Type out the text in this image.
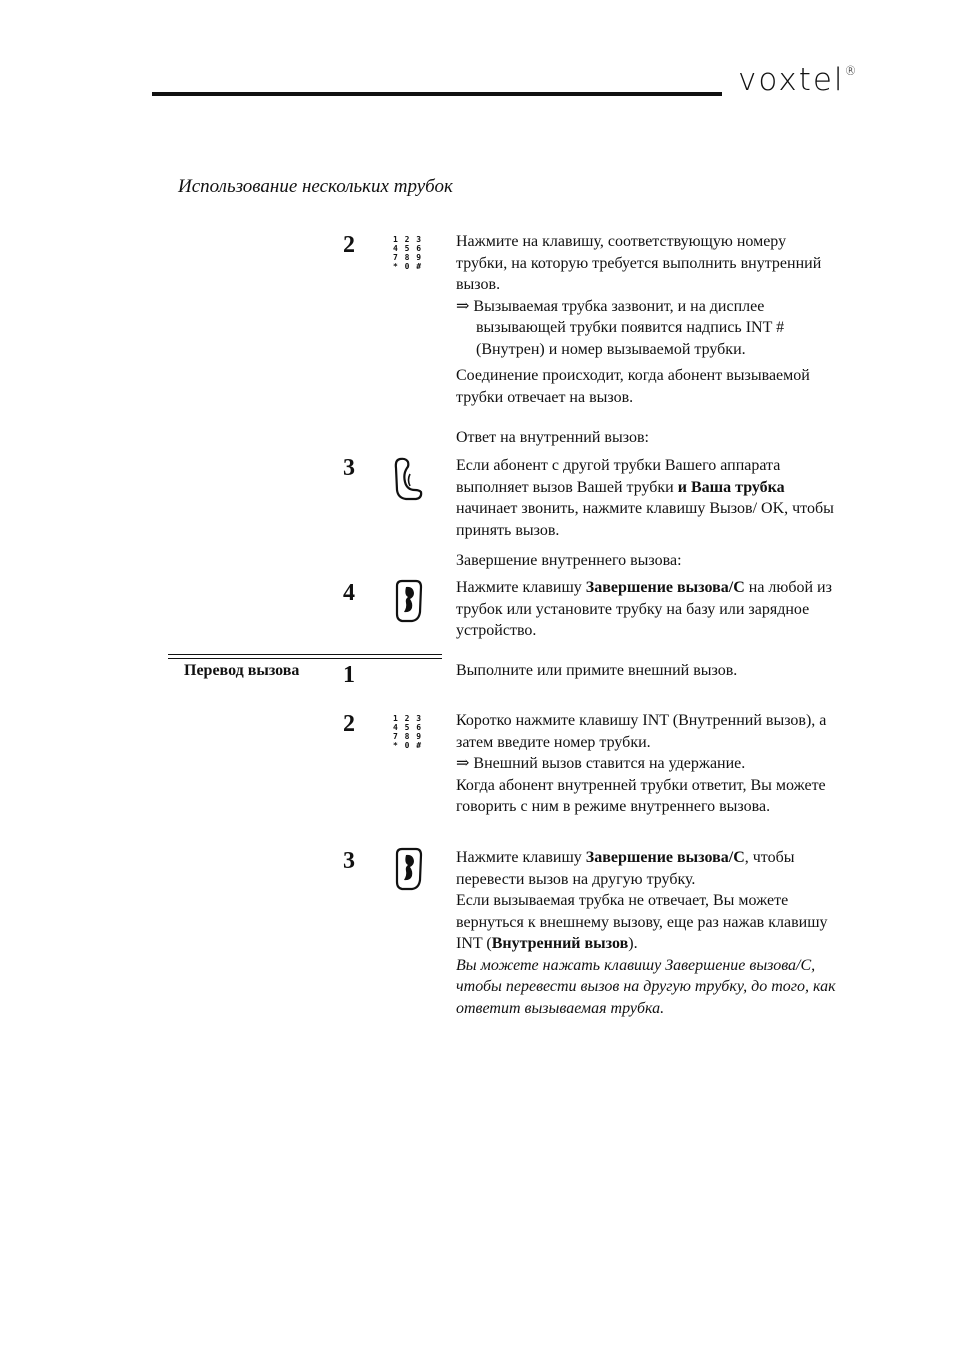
voxtel®
Использование нескольких трубок
2	1 2 3
4 5 6
7 8 9
* 0 #

Нажмите на клавишу, соответствующую номеру трубки, на которую требуется выполнить внутренний вызов.

⇒ Вызываемая трубка зазвонит, и на дисплее вызывающей трубки появится надпись INT # (Внутрен) и номер вызываемой трубки.

Соединение происходит, когда абонент вызываемой трубки отвечает на вызов.

Ответ на внутренний вызов:
3	Если абонент с другой трубки Вашего аппарата выполняет вызов Вашей трубки и Ваша трубка начинает звонить, нажмите клавишу Вызов/ OK, чтобы принять вызов.

Завершение внутреннего вызова:
4	Нажмите клавишу Завершение вызова/С на любой из трубок или установите трубку на базу или зарядное устройство.

Перевод вызова 1	Выполните или примите внешний вызов.
2	1 2 3
4 5 6
7 8 9
* 0 #

Коротко нажмите клавишу INT (Внутренний вызов), а затем введите номер трубки.

⇒ Внешний вызов ставится на удержание.

Когда абонент внутренней трубки ответит, Вы можете говорить с ним в режиме внутреннего вызова.

3	Нажмите клавишу Завершение вызова/С, чтобы перевести вызов на другую трубку.

Если вызываемая трубка не отвечает, Вы можете вернуться к внешнему вызову, еще раз нажав клавишу INT (Внутренний вызов).

Вы можете нажать клавишу Завершение вызова/С, чтобы перевести вызов на другую трубку, до того, как ответит вызываемая трубка.
